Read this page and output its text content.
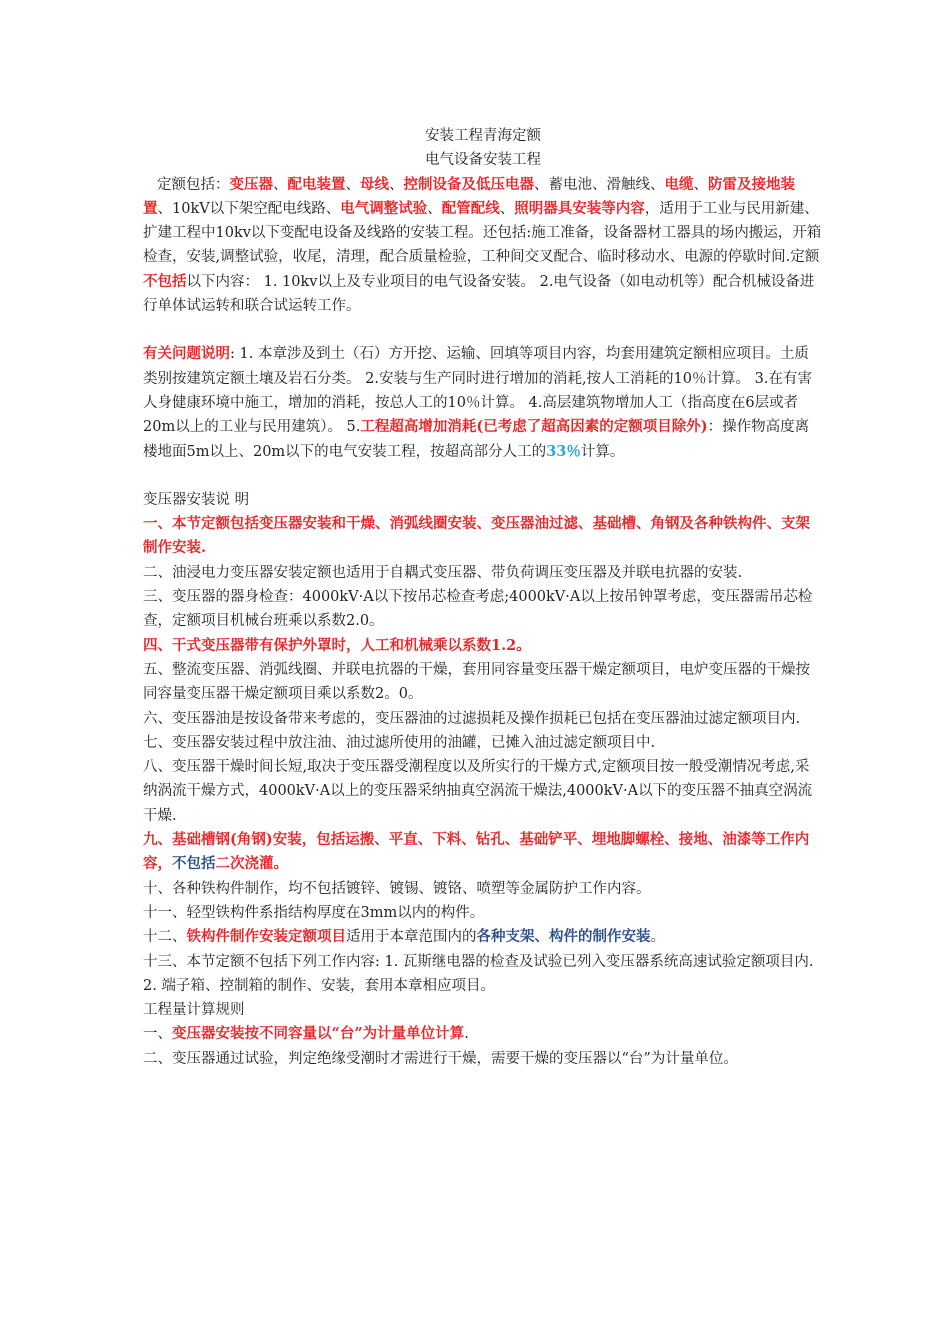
安装工程青海定额

电气设备安装工程

定额包括：变压器、配电装置、母线、控制设备及低压电器、蓄电池、滑触线、电缆、防雷及接地装置、10kV以下架空配电线路、电气调整试验、配管配线、照明器具安装等内容，适用于工业与民用新建、扩建工程中10kv以下变配电设备及线路的安装工程。还包括:施工准备，设备器材工器具的场内搬运，开箱检查，安装,调整试验，收尾，清理，配合质量检验，工种间交叉配合、临时移动水、电源的停歇时间.定额不包括以下内容： 1. 10kv以上及专业项目的电气设备安装。 2.电气设备（如电动机等）配合机械设备进行单体试运转和联合试运转工作。

有关问题说明: 1. 本章涉及到土（石）方开挖、运输、回填等项目内容，均套用建筑定额相应项目。土质类别按建筑定额土壤及岩石分类。 2.安装与生产同时进行增加的消耗,按人工消耗的10％计算。 3.在有害人身健康环境中施工，增加的消耗，按总人工的10％计算。 4.高层建筑物增加人工（指高度在6层或者20m以上的工业与民用建筑）。 5.工程超高增加消耗(已考虑了超高因素的定额项目除外)：操作物高度离楼地面5m以上、20m以下的电气安装工程，按超高部分人工的33％计算。

变压器安装说 明

一、本节定额包括变压器安装和干燥、消弧线圈安装、变压器油过滤、基础槽、角钢及各种铁构件、支架制作安装.

二、油浸电力变压器安装定额也适用于自耦式变压器、带负荷调压变压器及并联电抗器的安装.

三、变压器的器身检查：4000kV·A以下按吊芯检查考虑;4000kV·A以上按吊钟罩考虑，变压器需吊芯检查，定额项目机械台班乘以系数2.0。

四、干式变压器带有保护外罩时，人工和机械乘以系数1.2。

五、整流变压器、消弧线圈、并联电抗器的干燥，套用同容量变压器干燥定额项目，电炉变压器的干燥按同容量变压器干燥定额项目乘以系数2。0。

六、变压器油是按设备带来考虑的，变压器油的过滤损耗及操作损耗已包括在变压器油过滤定额项目内.

七、变压器安装过程中放注油、油过滤所使用的油罐，已摊入油过滤定额项目中.

八、变压器干燥时间长短,取决于变压器受潮程度以及所实行的干燥方式,定额项目按一般受潮情况考虑,采纳涡流干燥方式，4000kV·A以上的变压器采纳抽真空涡流干燥法,4000kV·A以下的变压器不抽真空涡流干燥.

九、基础槽钢(角钢)安装，包括运搬、平直、下料、钻孔、基础铲平、埋地脚螺栓、接地、油漆等工作内容，不包括二次浇灌。

十、各种铁构件制作，均不包括镀锌、镀锡、镀铬、喷塑等金属防护工作内容。

十一、轻型铁构件系指结构厚度在3mm以内的构件。

十二、铁构件制作安装定额项目适用于本章范围内的各种支架、构件的制作安装。

十三、本节定额不包括下列工作内容: 1. 瓦斯继电器的检查及试验已列入变压器系统高速试验定额项目内. 2. 端子箱、控制箱的制作、安装，套用本章相应项目。

工程量计算规则

一、变压器安装按不同容量以“台”为计量单位计算.

二、变压器通过试验，判定绝缘受潮时才需进行干燥，需要干燥的变压器以“台”为计量单位。
